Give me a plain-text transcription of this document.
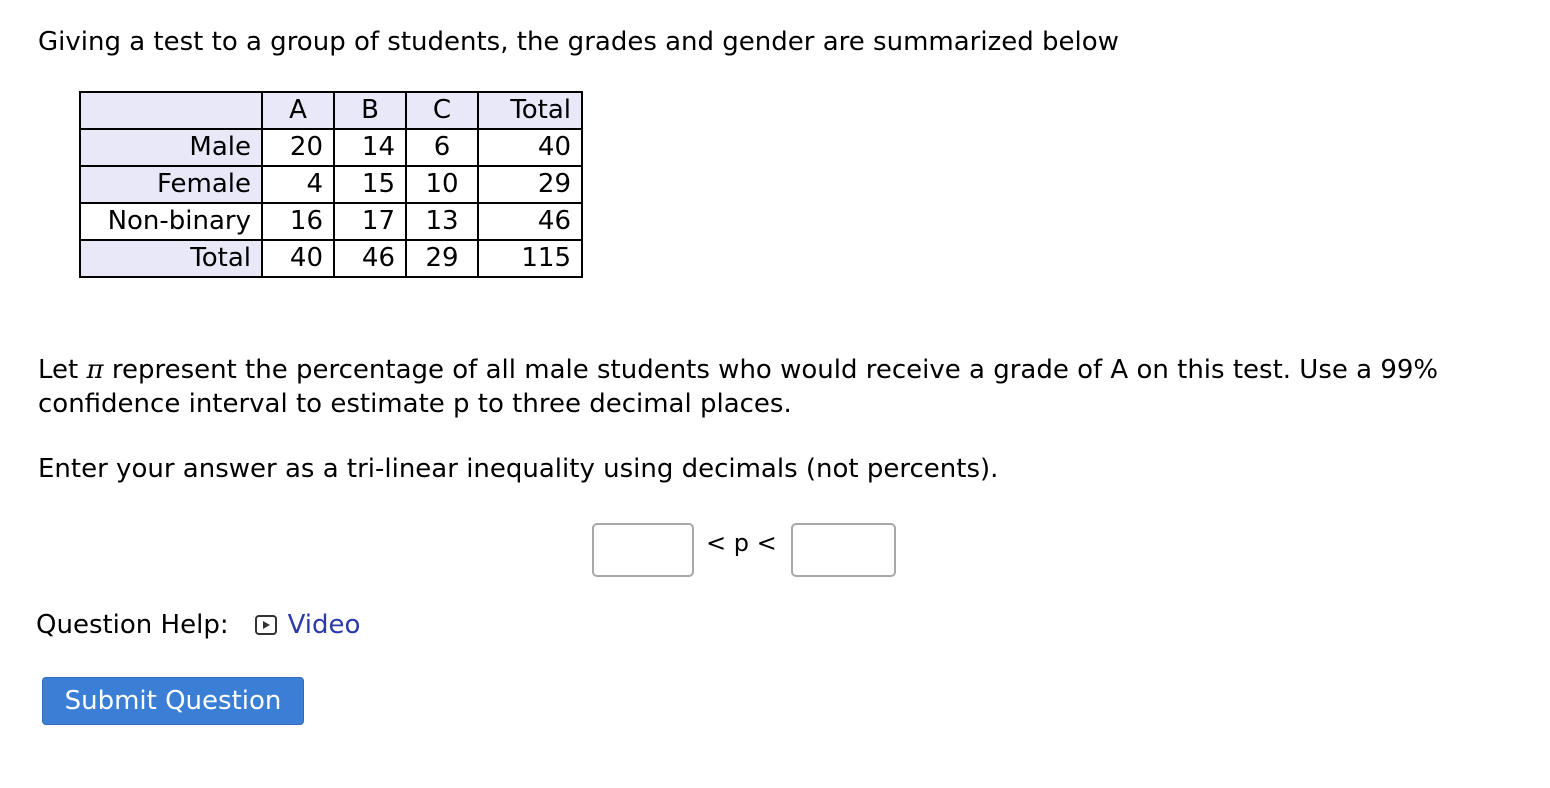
Giving a test to a group of students, the grades and gender are summarized below
	A	B	C	Total
Male	20	14	6	40
Female	4	15	10	29
Non-binary	16	17	13	46
Total	40	46	29	115
Let π represent the percentage of all male students who would receive a grade of A on this test. Use a 99% confidence interval to estimate p to three decimal places.
Enter your answer as a tri-linear inequality using decimals (not percents).
< p <
Question Help: Video
Submit Question
